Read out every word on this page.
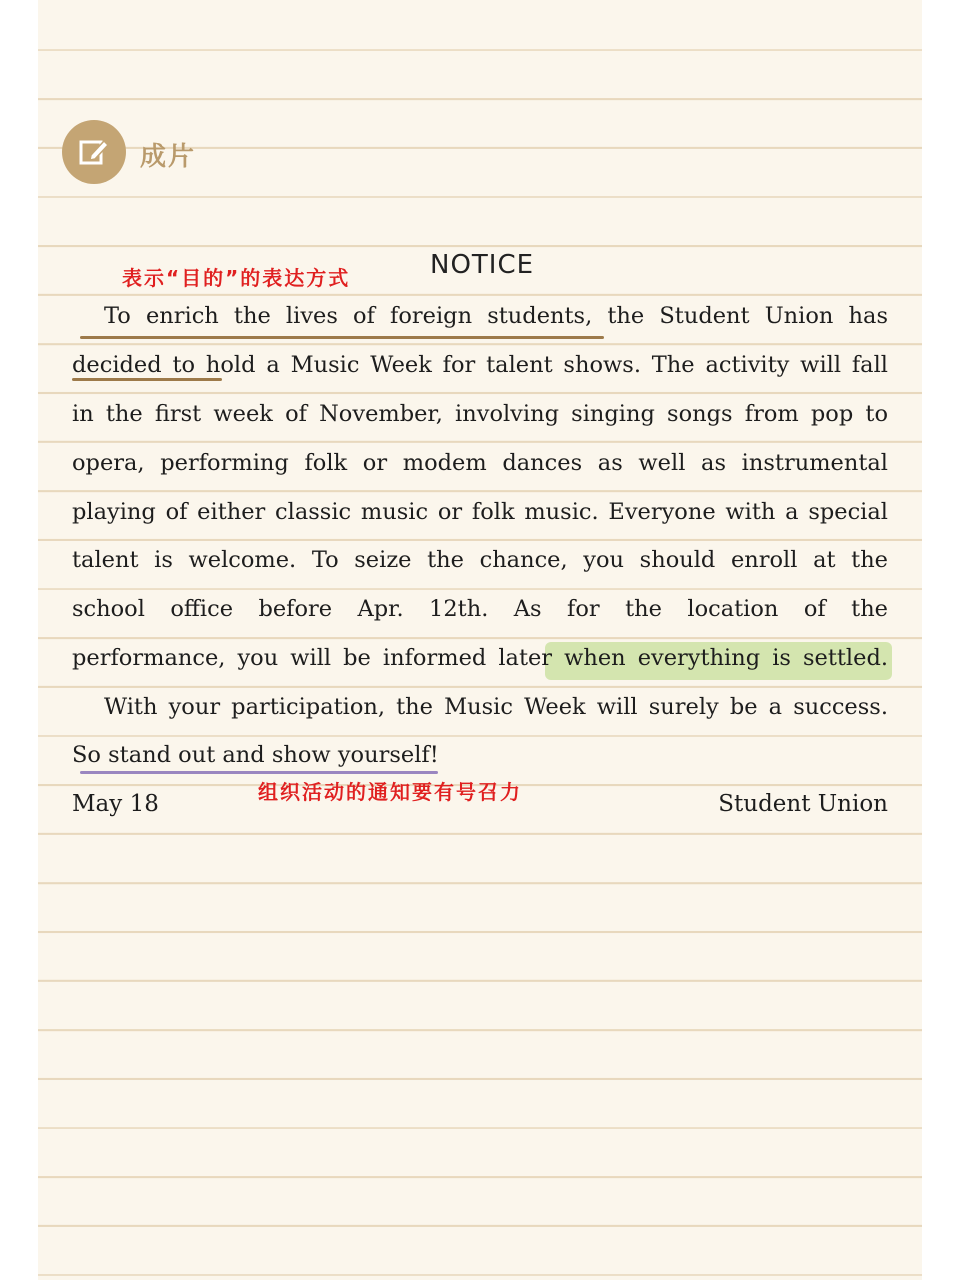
成片
表示“目的”的表达方式	NOTICE
To enrich the lives of foreign students, the Student Union has
decided to hold a Music Week for talent shows. The activity will fall
in the first week of November, involving singing songs from pop to
opera, performing folk or modem dances as well as instrumental
playing of either classic music or folk music. Everyone with a special
talent is welcome. To seize the chance, you should enroll at the
school office before Apr. 12th. As for the location of the
performance, you will be informed later when everything is settled.
With your participation, the Music Week will surely be a success.
So stand out and show yourself!
组织活动的通知要有号召力
May 18	Student Union
